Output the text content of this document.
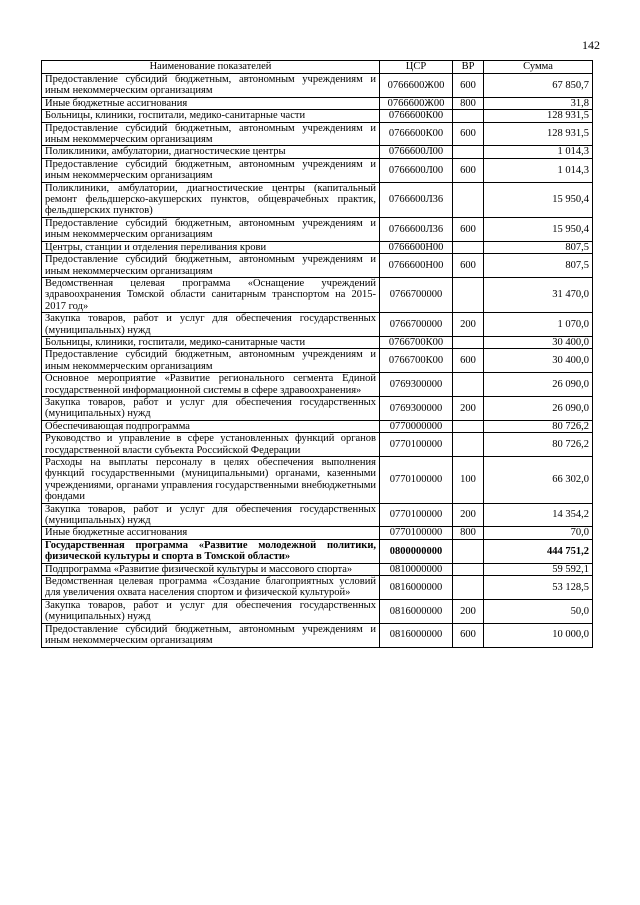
142
Наименование показателей	ЦСР	ВР	Сумма
Предоставление субсидий бюджетным, автономным учреждениям и иным некоммерческим организациям	0766600Ж00	600	67 850,7
Иные бюджетные ассигнования	0766600Ж00	800	31,8
Больницы, клиники, госпитали, медико-санитарные части	0766600К00		128 931,5
Предоставление субсидий бюджетным, автономным учреждениям и иным некоммерческим организациям	0766600К00	600	128 931,5
Поликлиники, амбулатории, диагностические центры	0766600Л00		1 014,3
Предоставление субсидий бюджетным, автономным учреждениям и иным некоммерческим организациям	0766600Л00	600	1 014,3
Поликлиники, амбулатории, диагностические центры (капитальный ремонт фельдшерско-акушерских пунктов, общеврачебных практик, фельдшерских пунктов)	0766600Л36		15 950,4
Предоставление субсидий бюджетным, автономным учреждениям и иным некоммерческим организациям	0766600Л36	600	15 950,4
Центры, станции и отделения переливания крови	0766600Н00		807,5
Предоставление субсидий бюджетным, автономным учреждениям и иным некоммерческим организациям	0766600Н00	600	807,5
Ведомственная целевая программа «Оснащение учреждений здравоохранения Томской области санитарным транспортом на 2015-2017 год»	0766700000		31 470,0
Закупка товаров, работ и услуг для обеспечения государственных (муниципальных) нужд	0766700000	200	1 070,0
Больницы, клиники, госпитали, медико-санитарные части	0766700К00		30 400,0
Предоставление субсидий бюджетным, автономным учреждениям и иным некоммерческим организациям	0766700К00	600	30 400,0
Основное мероприятие «Развитие регионального сегмента Единой государственной информационной системы в сфере здравоохранения»	0769300000		26 090,0
Закупка товаров, работ и услуг для обеспечения государственных (муниципальных) нужд	0769300000	200	26 090,0
Обеспечивающая подпрограмма	0770000000		80 726,2
Руководство и управление в сфере установленных функций органов государственной власти субъекта Российской Федерации	0770100000		80 726,2
Расходы на выплаты персоналу в целях обеспечения выполнения функций государственными (муниципальными) органами, казенными учреждениями, органами управления государственными внебюджетными фондами	0770100000	100	66 302,0
Закупка товаров, работ и услуг для обеспечения государственных (муниципальных) нужд	0770100000	200	14 354,2
Иные бюджетные ассигнования	0770100000	800	70,0
Государственная программа «Развитие молодежной политики, физической культуры и спорта в Томской области»	0800000000		444 751,2
Подпрограмма «Развитие физической культуры и массового спорта»	0810000000		59 592,1
Ведомственная целевая программа «Создание благоприятных условий для увеличения охвата населения спортом и физической культурой»	0816000000		53 128,5
Закупка товаров, работ и услуг для обеспечения государственных (муниципальных) нужд	0816000000	200	50,0
Предоставление субсидий бюджетным, автономным учреждениям и иным некоммерческим организациям	0816000000	600	10 000,0
